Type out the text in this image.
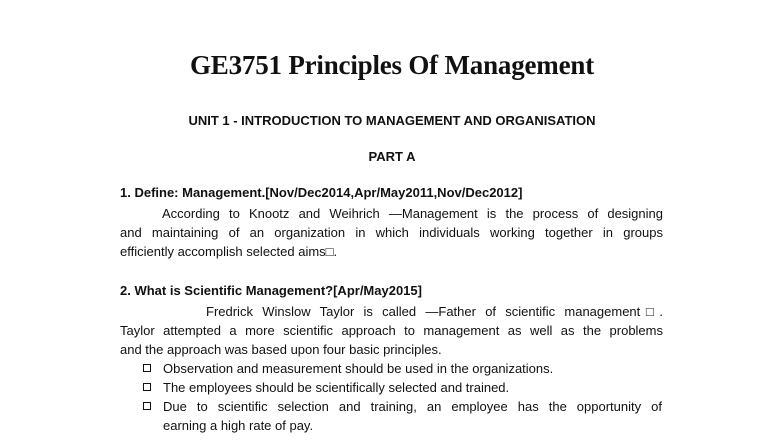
GE3751 Principles Of Management
UNIT 1 - INTRODUCTION TO MANAGEMENT AND ORGANISATION
PART A
1. Define: Management.[Nov/Dec2014,Apr/May2011,Nov/Dec2012]
According to Knootz and Weihrich —Management is the process of designing
and maintaining of an organization in which individuals working together in groups
efficiently accomplish selected aims□.
2. What is Scientific Management?[Apr/May2015]
Fredrick Winslow Taylor is called —Father of scientific management□.
Taylor attempted a more scientific approach to management as well as the problems
and the approach was based upon four basic principles.
Observation and measurement should be used in the organizations.
The employees should be scientifically selected and trained.
Due to scientific selection and training, an employee has the opportunity of
earning a high rate of pay.
